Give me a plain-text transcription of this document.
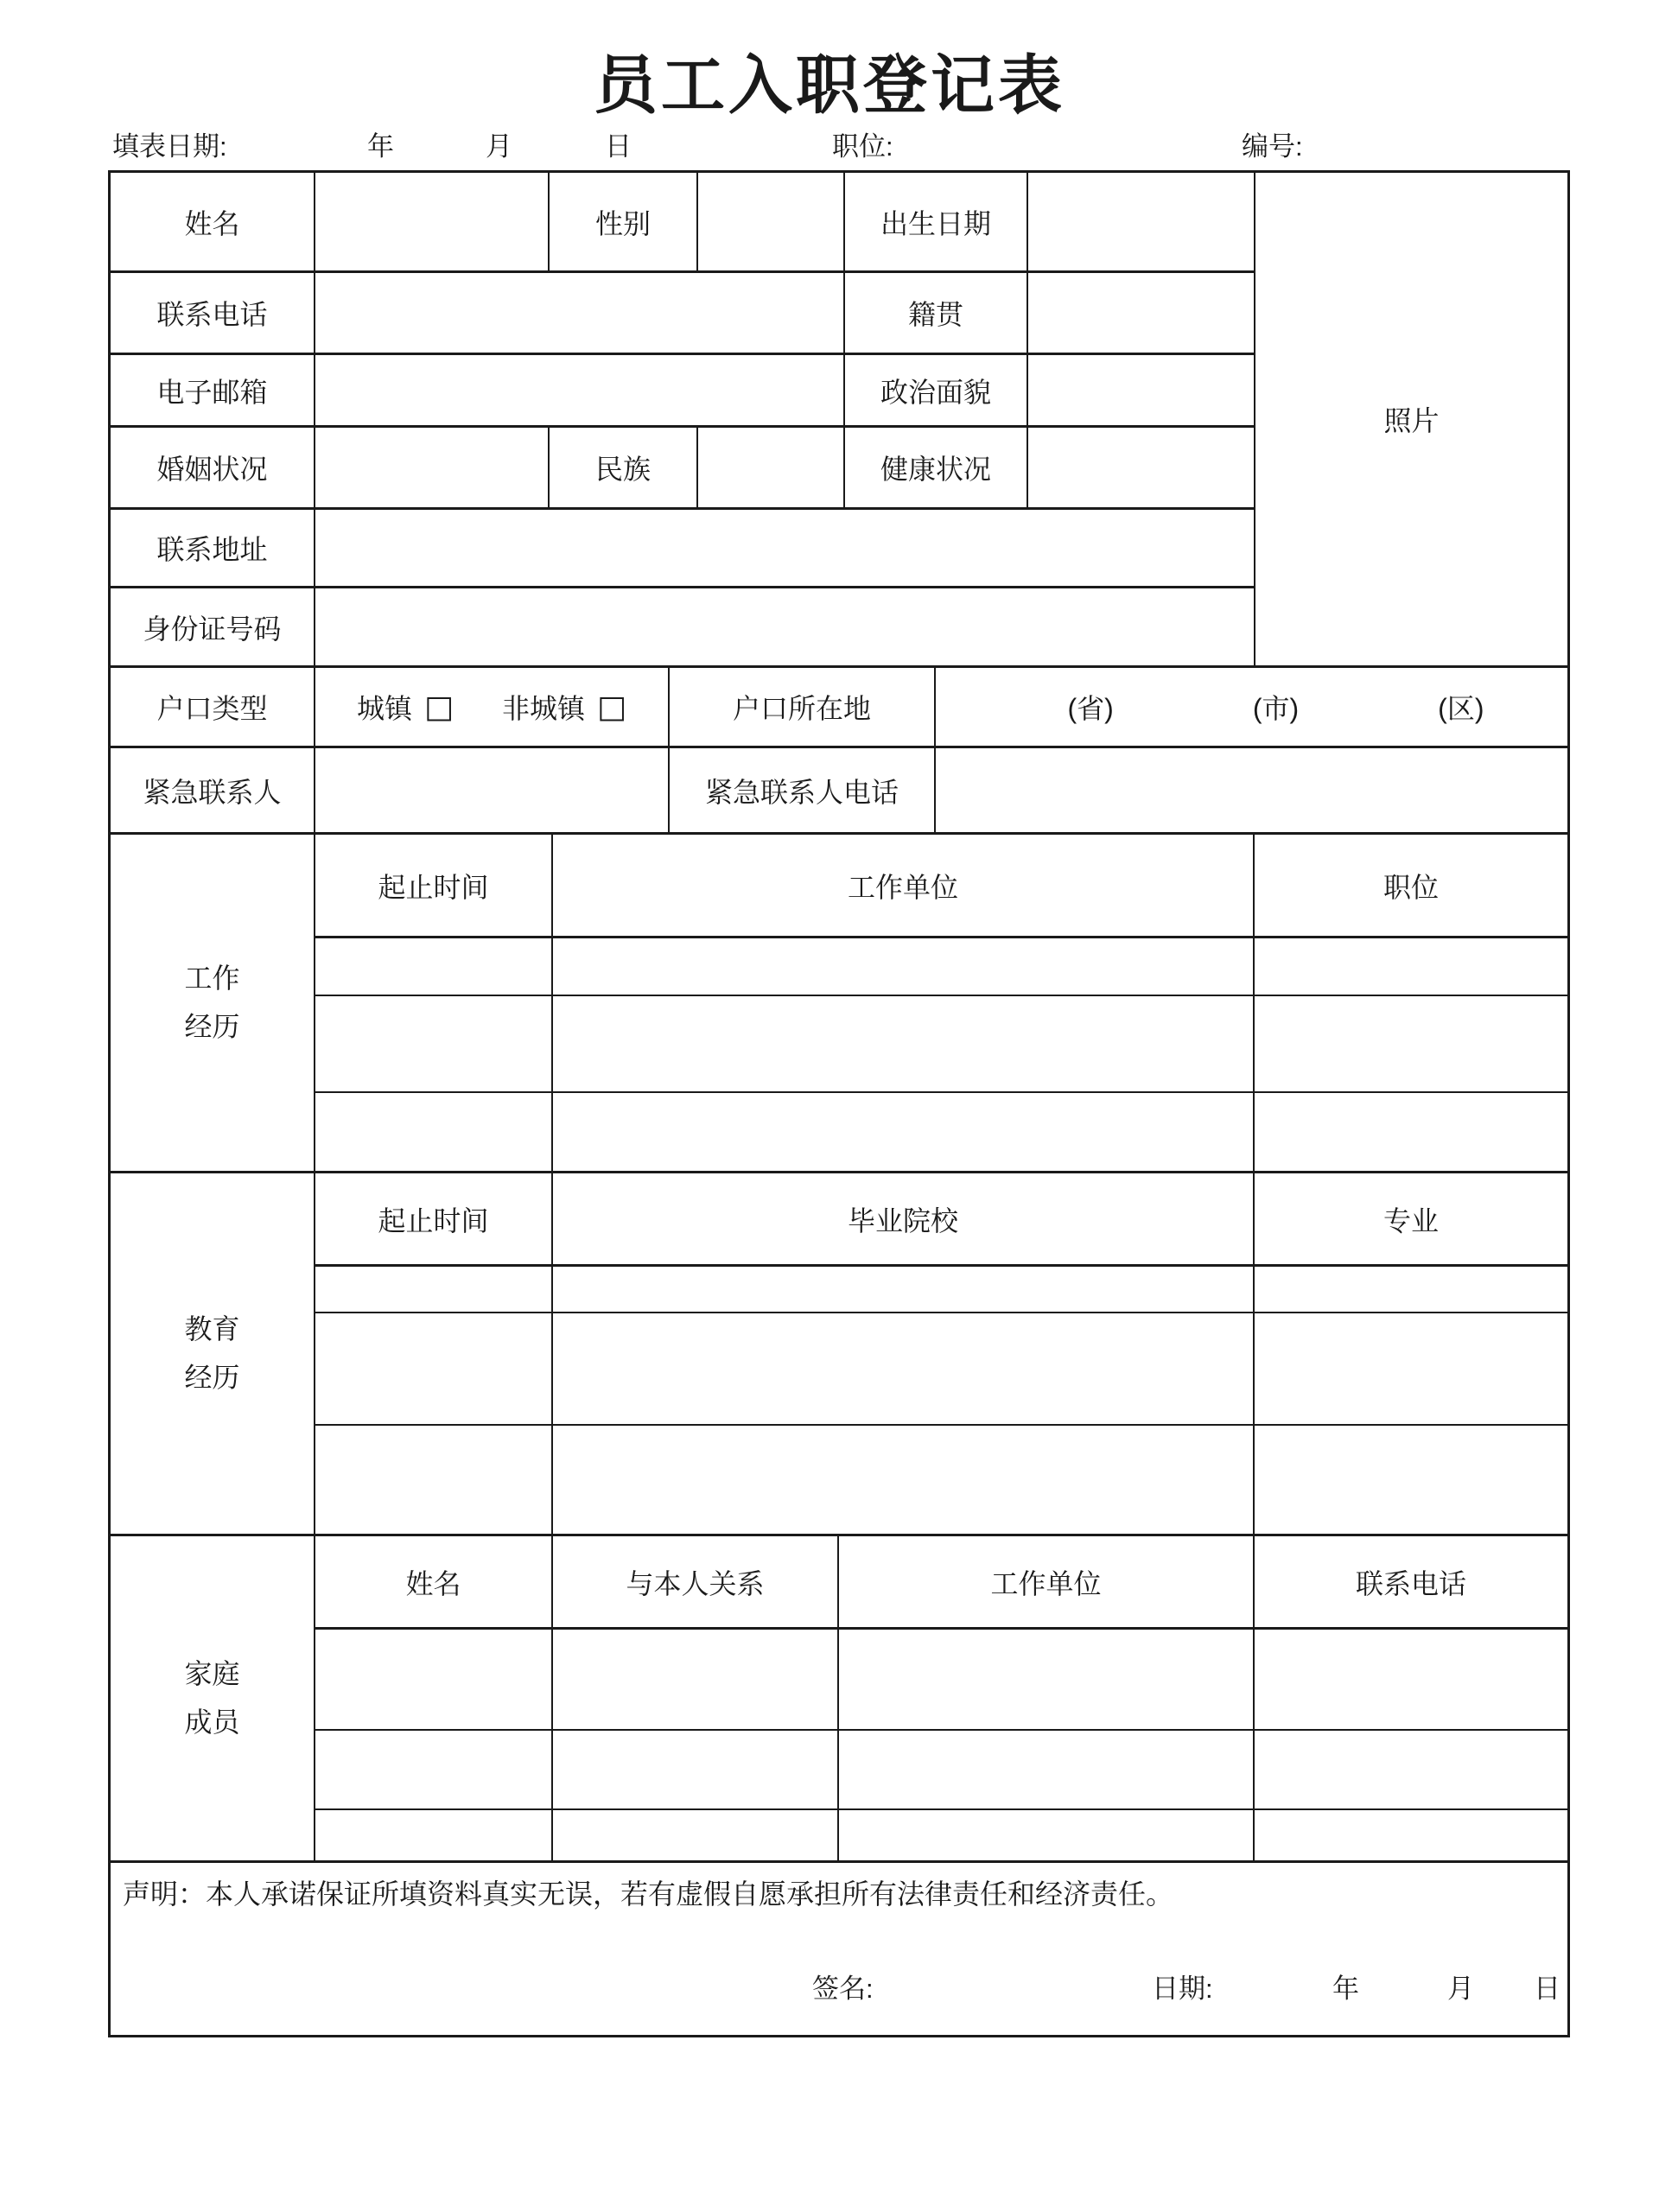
员工入职登记表
填表日期:	年	月	日	职位:	编号:
照片
姓名	性别	出生日期
联系电话	籍贯
电子邮箱	政治面貌
婚姻状况	民族	健康状况
联系地址
身份证号码
户口类型	城镇 □ 非城镇 □	户口所在地	(省)	(市)	(区)
紧急联系人	紧急联系人电话
工作
经历
起止时间	工作单位	职位
教育
经历
起止时间	毕业院校	专业
家庭
成员
姓名	与本人关系	工作单位	联系电话

声明：本人承诺保证所填资料真实无误，若有虚假自愿承担所有法律责任和经济责任。

签名:	日期:	年	月 日
